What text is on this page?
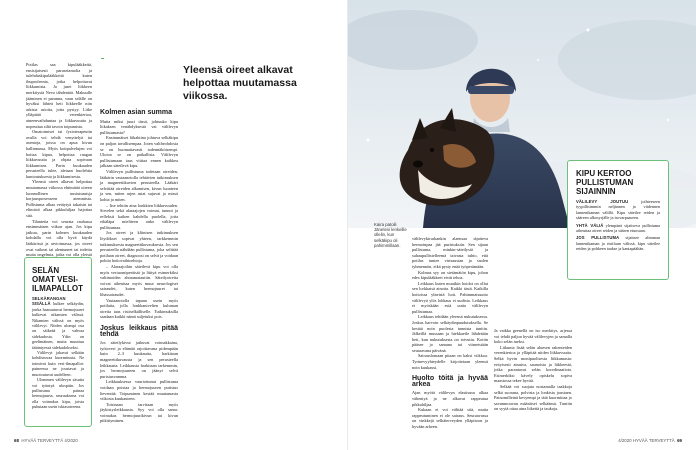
Potilas saa kipulääkkeitä, ensisijaisesti parasetamolia ja tulehduskipulääkkeitä kuten ibuprofeenia, jotka helpottavat liikkumista. Ja jaset liikkeen merkitystä Neva tähdentää. Makuulle jääminen ei paranna, vaan selälle on hyväksi lähteä heti liikkeelle niin arkisia asioita, jotta pystyy. Liike ylläpitää verenkiertoa, aineenvaihduntaa ja liikkuvuutta ja nopeuttaa siltä tavoin toipumista.

Omatoimiset tai fysioterapeutin avulla voi tehdä venyttelyä tai asentoja, joissa on apua kivun hallinnassa. Myös kotipalvelujen voi hoitaa kipua, helpottaa rangan liikkuvuutta ja ohjata sopivaan liikkumisen. Parin kuukauden perusteella tulee, aletaan huolehtia kuntoutuksesta ja liikkumisesta.

Yleensä oireet alkavat helpottaa muutamassa viikossa ehtimättä oireen luonnollinen uusiutumisja korjausprosesseen aiemmista. Pullistuma alkaa vetäytyä takaisin tai elimistö alkaa pikkuhiljaa hajottaa sitä.

Tilanteita voi seurata rauhassa ensimmäisen viikon ajan. Jos kipu jatkuu, parin kolmen kuukauden kohdalla voi olla hyvä käydä lääkärissä ja arvioimassa, jos oireet ovat vaikeat tai alentuneet tai todettu muita ongelmia, jotka voi olla yleisiä

SELÄN OMAT VESI-ILMAPALLOT

SELKÄRANGAN SISÄLLÄ kulkee selkäydin, jonka haarautuvat hermojuuret kulkevat nikamien välissä. Nikamien välissä on myös välilevyt. Niiden ulompi osa on säikeää ja vahvaa sidekudosta. Ydin on geelimäinen, mutta muuttuu iäääntyessä sidekudokseksi.

Välilevyt jakavat selkään kohdistuvaa kuormitusta. Ne toimivat kuin vesi-ilmapallot: paineessa ne joustavat ja muotoutuvat uudelleen.

Ulommen välilevyn säsutta voi työntyä ulospäin. Jos pullistuma painaa hermojuurta, seurauksena voi olla voimakas kipu, joista puhutaan usein iskiasoireena.

Yleensä oireet alkavat helpottaa muutamassa viikossa.
Kolmen asian summa

Mutta miksi juuri tässä, johtuuko kipu liikaksen venähdyksestä vai välilevyn pullistumasta?

Ensimmäiset liikahtina johtuva selkäkipu on paljon tavallisempaa. Joten valtheohdosta se on huomattavasti todennäköisempi. Ulotoa se on paikallista. Välilevyn pullistumaan taas viittaa ennen kaikkea jalkaan säteilevä kipu.

Välilevyn pullistuma todetaan oireiden, lääkärin vastaanotolla tehtävien tutkimuksen ja magneettikuvien perusteella. Lääkäri selvittää oireiden alkamisen, kivun luonteen ja sen, miten arjen asiat sujuvat ja missä kohta ja miten.

– Itse tehtiin aina lonkkien liikkuvuuden. Sirvelen sekä alaraajojen voimat, tunnot ja refleksit kaiken kahdella puolella, jotta eikäläpa mieliteen onko välilevyn pullistumaa.

Jos oireet ja kliinisen tutkimuksen löydökset sopivat yhteen, tarkkemmin tutkimuksesta magneettikuvauksesta. Jos sen perusteella nähdään pullistuma, joka selittää potilaan oireet, diagnoosi on selvä ja voidaan pohtia hoitovaihtoehtoja.

– Alaraajoihin säteilevä kipu voi olla myös veriuomiperäistä ja liittyä esimerkiksi valtimoiden ahtaumatautiin. Säteilyoireita voivat aiheuttaa myös muut neurologiset sairaudet, kuten hermojuuret tai lihassairaudet.

Vastaanotolla tapaan usein myös potilaita, jolla lonkkanivelten kuluman oireita taas ristiselkälliselle. Tutkimuksilla saadaan kaikki nämä suljetuksi pois.

Joskus leikkaus pitää tehdä

Jos säteilykivut jatkuvat voimakkaina, työtoveri ja elämää rajoittavana pidempään kuin 2–3 kuukautta, harkitaan magneettikuvausta ja sen perusteella leikkausta. Leikkausta harkitaan tarkemmin, jos hermojuureen on jäänyt selvä puristusvamma.

Leikkauksessa vaurioitunut pullistuma voidaan poistaa ja hermojuuren puristus lieventää. Toipuminen kestää muutamasta viikosta kuukauteen.

Toisinaan tarvitaan myös jäykistysleikkausta. Syy voi olla sama: voimakas hermojuurikivun tai kivun pitkittyminen.

68 HYVÄÄ TERVEYTTÄ 4/2020
Kaira patoili Jänetesi lenkeille ollelin, kun selkäkipu oli pahimmillaan.

välilevykirurkankin alaensaa täjaiteva hermoinpaa jää puristuksiin. Sen sijaan pullistuma, minkin-säteilystä ja suhaupullistelleemä taivasta tuhto, että potilas tuntee virtsaustan ja saolen tyhmennön, eikä pysty enää työperämään.

Kolmas syy on sietämätön kipu, johon edes kipulääkkeet eivät tehoa.

Leikkaus kuten muutkin hoidot on ollut sen lorkkaisä ainoita. Kaikki tästä. Kaikilla hoitoissa yhteistä hoit. Pahimmaisuutto välilevyä ylös lohkaus ei uudista. Leikkaus ei myöskään estä uutta välilevyn pullistumaa.

Leikkaus tehdään yleensä nukutuksessa. Joskus harvoin selkäydinpuudutuksella. Se kestää noin puolesta tunnista tuntiin. Jälkeillä mussaan ja hiekkaeile lähdetään heti, kun nukutuksesta on toivuttu. Kotiin pääsee jo samana tai viimeistään seuraavana päivänä.

Sairauslomaan pitaan on kaksi viikkoa. Tyrinevyyhteydelle kirjoitetaan yleensä noin kuukausi.

Huolto töitä ja hyvää arkea

Ajan myötä välilevyn elastisuus alkaa vähentyä ja ne alkavat rappeutua pikkuhiljaa.

Kukaan ei voi välttää sitä, mutta rappeutuminen ei ole sairaus. Seuraavassa on vinkkejä selkäterveyden ylläpitoon ja hyvään arkeen.

Ja vaikka geenellä on iso merkitys, arjessa voi tehdä paljon hyvää välilevyjen ja samalla koko selän tueksi.

Liikunta lisää selän aluesen rakenteiden verenkiertoa ja ylläpitää niiden liikkuvuutta. Selkä hyvin monipuolisesta liikkumasta: erityisesti ainuiva, saunoista ja liikkeestä, jotka parantavat selän koordinaatiota. Esimerkiksi kävely opiskelu sopiva maastossa tekee hyvää.

Selkää voi suojata nostamalla taakkoja selkä suorana, polvista ja lonkista joustaen. Painomilleinä kevyempi ja tätä kuormittaa jo savunmouvan määräiset selkäänsä. Tuntiin on syytä ottaa aina liikettä ja taukoja.

4/2020 HYVÄÄ TERVEYTTÄ 69
KIPU KERTOO PULLISTUMAN SIJAINNIN

VÄLILEVY JOUTUU	joihteeseen tyypillisimmin neljännen ja viidennen lannenikaman välillä. Kipu säteilee reiden ja sääreen ulkosyrjälle ja isovarpaaseen.

YHTÄ VÄLIÄ ylempänä sijaitseva pullistuma aiheuttaa oireet reiden ja säären etuosaan.

JOS PULLISTUMA sijaitsee alimman lannenikaman ja ristiluun välissä, kipu säteilee reiden ja pohkeen taakse ja kantapäähän.
